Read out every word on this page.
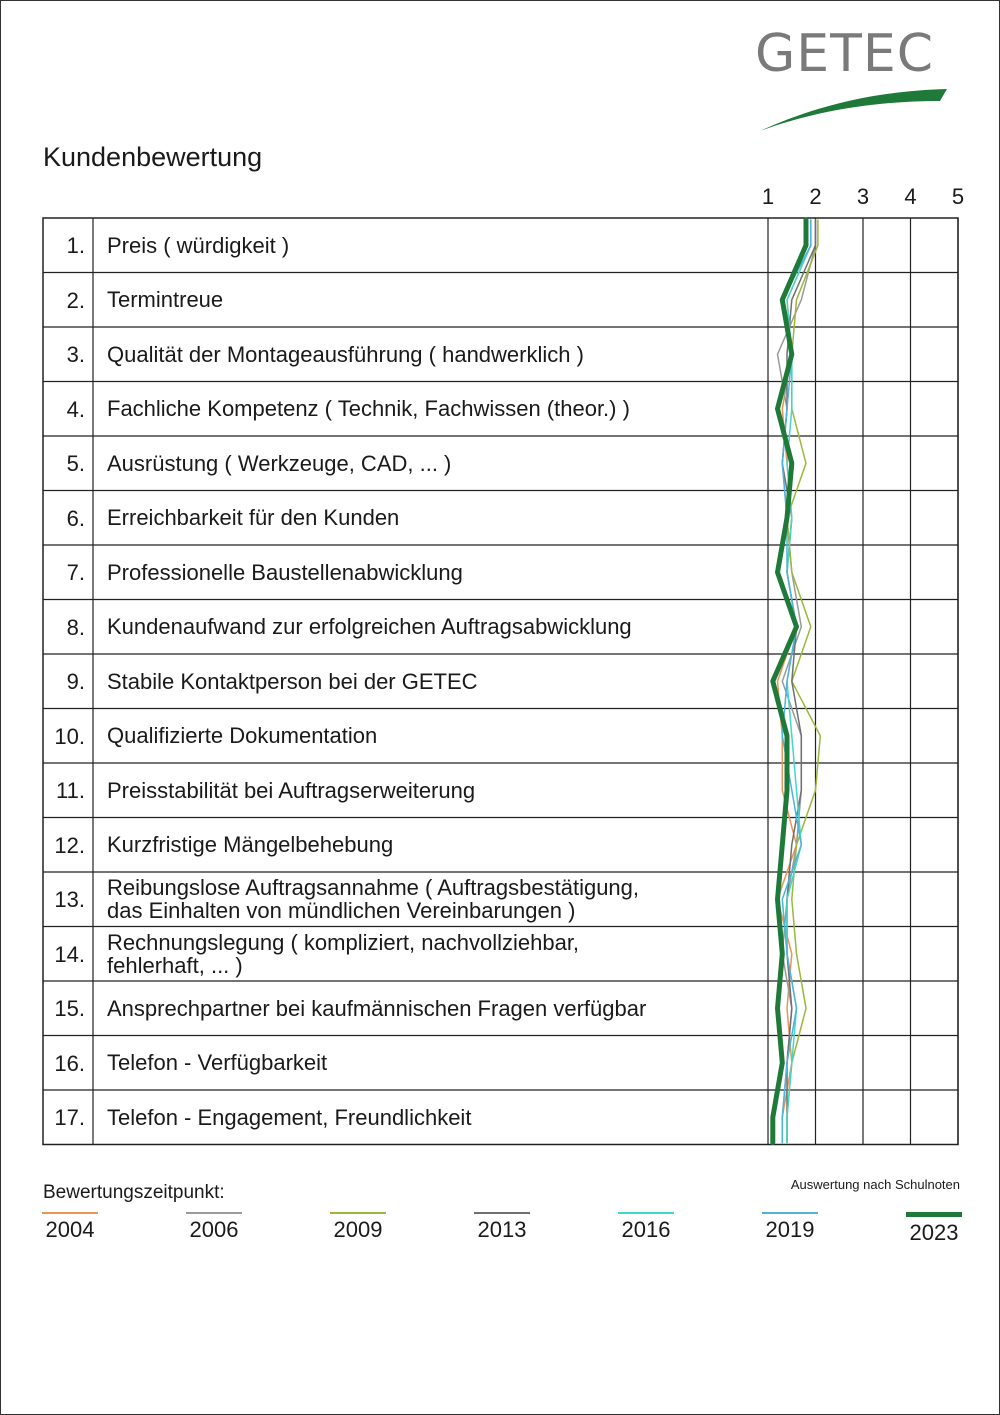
GETEC
Kundenbewertung
1	2	3	4	5
1. Preis ( würdigkeit )
2. Termintreue
3. Qualität der Montageausführung ( handwerklich )
4. Fachliche Kompetenz ( Technik, Fachwissen (theor.) )
5. Ausrüstung ( Werkzeuge, CAD, ... )
6. Erreichbarkeit für den Kunden
7. Professionelle Baustellenabwicklung
8. Kundenaufwand zur erfolgreichen Auftragsabwicklung
9. Stabile Kontaktperson bei der GETEC
10. Qualifizierte Dokumentation
11. Preisstabilität bei Auftragserweiterung
12. Kurzfristige Mängelbehebung
13. Reibungslose Auftragsannahme ( Auftragsbestätigung,
das Einhalten von mündlichen Vereinbarungen )
14. Rechnungslegung ( kompliziert, nachvollziehbar,
fehlerhaft, ... )
15. Ansprechpartner bei kaufmännischen Fragen verfügbar
16. Telefon - Verfügbarkeit
17. Telefon - Engagement, Freundlichkeit
Bewertungszeitpunkt:	Auswertung nach Schulnoten
2004	2006	2009	2013	2016	2019	2023
